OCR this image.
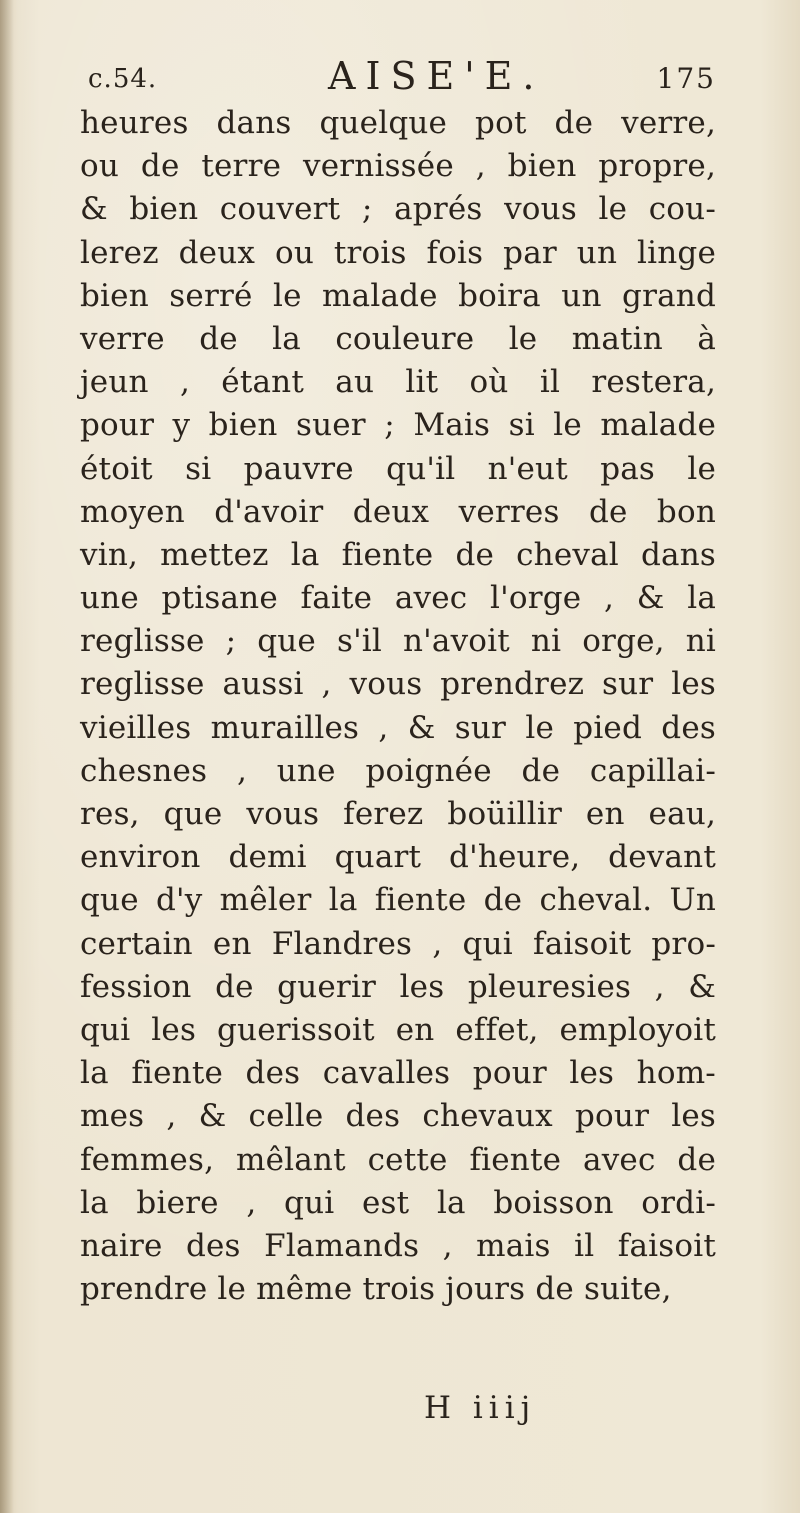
c.54.	AISE'E.	175
heures dans quelque pot de verre,
ou de terre vernissée , bien propre,
& bien couvert ; aprés vous le cou-
lerez deux ou trois fois par un linge
bien serré le malade boira un grand
verre de la couleure le matin à
jeun , étant au lit où il restera,
pour y bien suer ; Mais si le malade
étoit si pauvre qu'il n'eut pas le
moyen d'avoir deux verres de bon
vin, mettez la fiente de cheval dans
une ptisane faite avec l'orge , & la
reglisse ; que s'il n'avoit ni orge, ni
reglisse aussi , vous prendrez sur les
vieilles murailles , & sur le pied des
chesnes , une poignée de capillai-
res, que vous ferez boüillir en eau,
environ demi quart d'heure, devant
que d'y mêler la fiente de cheval. Un
certain en Flandres , qui faisoit pro-
fession de guerir les pleuresies , &
qui les guerissoit en effet, employoit
la fiente des cavalles pour les hom-
mes , & celle des chevaux pour les
femmes, mêlant cette fiente avec de
la biere , qui est la boisson ordi-
naire des Flamands , mais il faisoit
prendre le même trois jours de suite,
H iiij
